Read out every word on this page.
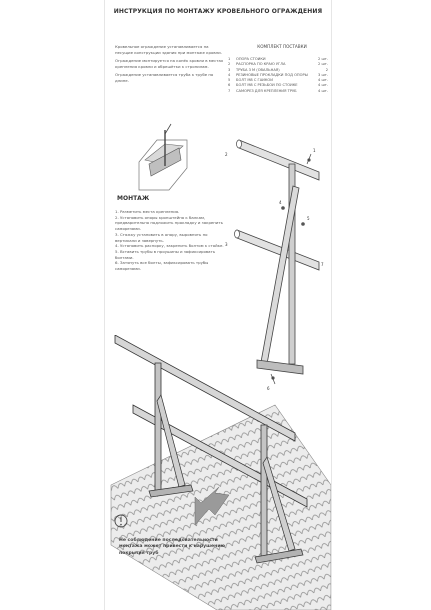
ИНСТРУКЦИЯ ПО МОНТАЖУ КРОВЕЛЬНОГО ОГРАЖДЕНИЯ

Кровельное ограждение устанавливается на несущие конструкции здания при монтаже кровли.

Ограждение монтируется на конёк кровли в местах крепления кровли и обрешётки к стропилам.

Ограждение устанавливается труба к трубе по длине.

КОМПЛЕКТ ПОСТАВКИ
1	ОПОРА СТОЙКИ	2 шт.
2	РАСПОРКА ПО КРАЮ УГЛА	2 шт.
3	ТРУБА 3 М (ОВАЛЬНАЯ)	2
4	РЕЗИНОВЫЕ ПРОКЛАДКИ ПОД ОПОРЫ	3 шт.
5	БОЛТ М8 С ГАЙКОЙ	4 шт.
6	БОЛТ М8 С РЕЗЬБОЙ ПО СТОЙКЕ	4 шт.
7	САМОРЕЗ ДЛЯ КРЕПЛЕНИЯ ТРУБ	4 шт.
1
2
3
4
5
6
7
МОНТАЖ

1. Разметить места крепления.

2. Установить опоры кронштейна к балкам, предварительно подложить прокладку и закрепить саморезами.

3. Стяжку установить в опору, выровнять по вертикали и завернуть.

4. Установить распорку, закрепить болтом к стойке.

5. Вставить трубы в проушины и зафиксировать болтами.

6. Затянуть все болты, зафиксировать трубы саморезами.

Не соблюдение последовательности монтажа может привести к нарушению покрытия труб
